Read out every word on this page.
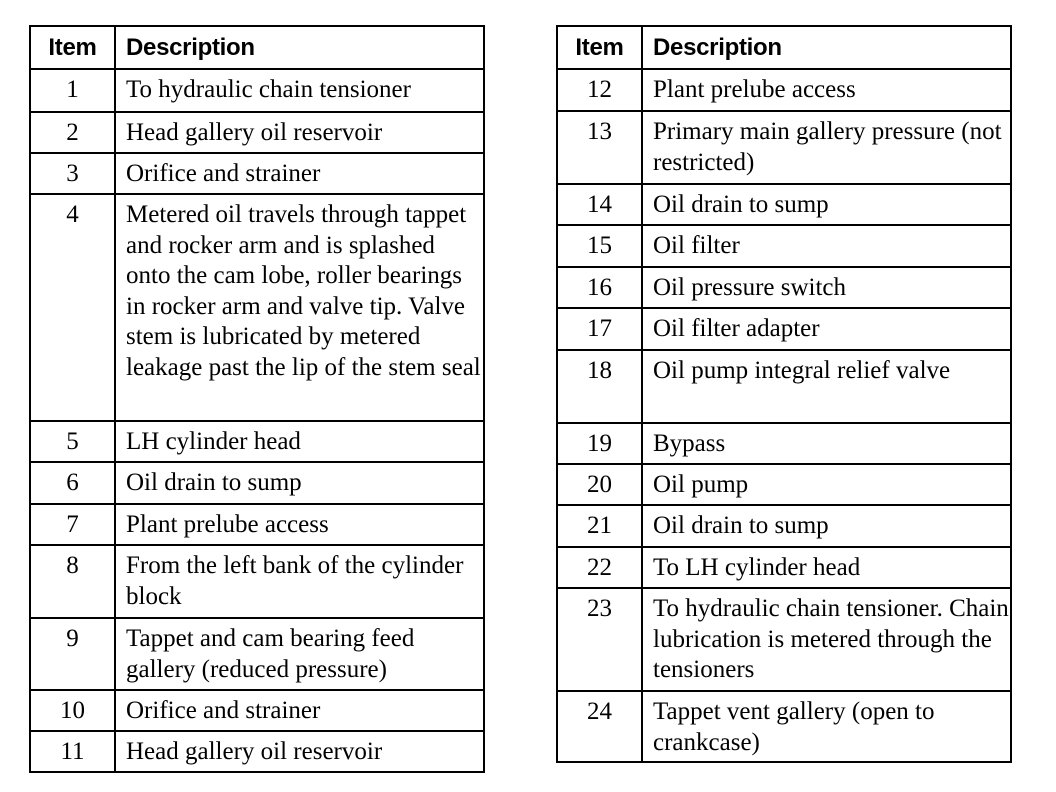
Item	Description
1	To hydraulic chain tensioner
2	Head gallery oil reservoir
3	Orifice and strainer
4	Metered oil travels through tappet and rocker arm and is splashed onto the cam lobe, roller bearings in rocker arm and valve tip. Valve stem is lubricated by metered leakage past the lip of the stem seal
5	LH cylinder head
6	Oil drain to sump
7	Plant prelube access
8	From the left bank of the cylinder block
9	Tappet and cam bearing feed gallery (reduced pressure)
10	Orifice and strainer
11	Head gallery oil reservoir
Item	Description
12	Plant prelube access
13	Primary main gallery pressure (not restricted)
14	Oil drain to sump
15	Oil filter
16	Oil pressure switch
17	Oil filter adapter
18	Oil pump integral relief valve
19	Bypass
20	Oil pump
21	Oil drain to sump
22	To LH cylinder head
23	To hydraulic chain tensioner. Chain lubrication is metered through the tensioners
24	Tappet vent gallery (open to crankcase)
